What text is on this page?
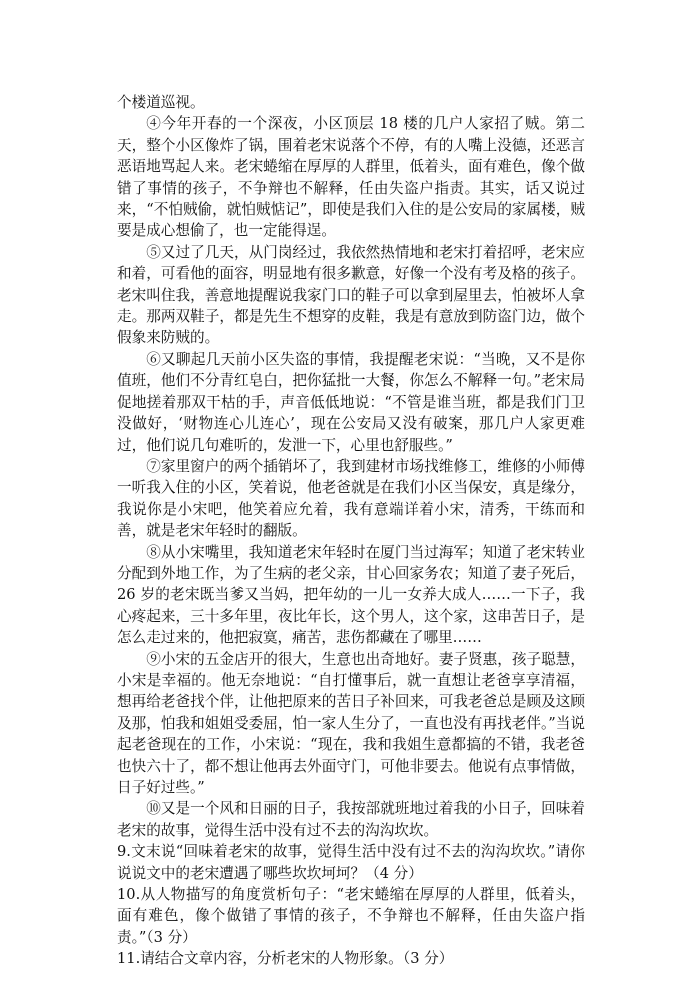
个楼道巡视。

④今年开春的一个深夜，小区顶层 18 楼的几户人家招了贼。第二天，整个小区像炸了锅，围着老宋说落个不停，有的人嘴上没德，还恶言恶语地骂起人来。老宋蜷缩在厚厚的人群里，低着头，面有难色，像个做错了事情的孩子，不争辩也不解释，任由失盗户指责。其实，话又说过来，“不怕贼偷，就怕贼惦记”，即使是我们入住的是公安局的家属楼，贼要是成心想偷了，也一定能得逞。

⑤又过了几天，从门岗经过，我依然热情地和老宋打着招呼，老宋应和着，可看他的面容，明显地有很多歉意，好像一个没有考及格的孩子。老宋叫住我，善意地提醒说我家门口的鞋子可以拿到屋里去，怕被坏人拿走。那两双鞋子，都是先生不想穿的皮鞋，我是有意放到防盗门边，做个假象来防贼的。

⑥又聊起几天前小区失盗的事情，我提醒老宋说：“当晚，又不是你值班，他们不分青红皂白，把你猛批一大餐，你怎么不解释一句。”老宋局促地搓着那双干枯的手，声音低低地说：“不管是谁当班，都是我们门卫没做好，‘财物连心儿连心’，现在公安局又没有破案，那几户人家更难过，他们说几句难听的，发泄一下，心里也舒服些。”

⑦家里窗户的两个插销坏了，我到建材市场找维修工，维修的小师傅一听我入住的小区，笑着说，他老爸就是在我们小区当保安，真是缘分，我说你是小宋吧，他笑着应允着，我有意端详着小宋，清秀，干练而和善，就是老宋年轻时的翻版。

⑧从小宋嘴里，我知道老宋年轻时在厦门当过海军；知道了老宋转业分配到外地工作，为了生病的老父亲，甘心回家务农；知道了妻子死后，26 岁的老宋既当爹又当妈，把年幼的一儿一女养大成人……一下子，我心疼起来，三十多年里，夜比年长，这个男人，这个家，这串苦日子，是怎么走过来的，他把寂寞，痛苦，悲伤都藏在了哪里……

⑨小宋的五金店开的很大，生意也出奇地好。妻子贤惠，孩子聪慧，小宋是幸福的。他无奈地说：“自打懂事后，就一直想让老爸享享清福，想再给老爸找个伴，让他把原来的苦日子补回来，可我老爸总是顾及这顾及那，怕我和姐姐受委屈，怕一家人生分了，一直也没有再找老伴。”当说起老爸现在的工作，小宋说：“现在，我和我姐生意都搞的不错，我老爸也快六十了，都不想让他再去外面守门，可他非要去。他说有点事情做，日子好过些。”

⑩又是一个风和日丽的日子，我按部就班地过着我的小日子，回味着老宋的故事，觉得生活中没有过不去的沟沟坎坎。

9.文末说“回味着老宋的故事，觉得生活中没有过不去的沟沟坎坎。”请你说说文中的老宋遭遇了哪些坎坎坷坷？（4 分）

10.从人物描写的角度赏析句子：“老宋蜷缩在厚厚的人群里，低着头，面有难色，像个做错了事情的孩子，不争辩也不解释，任由失盗户指责。”（3 分）

11.请结合文章内容，分析老宋的人物形象。（3 分）
